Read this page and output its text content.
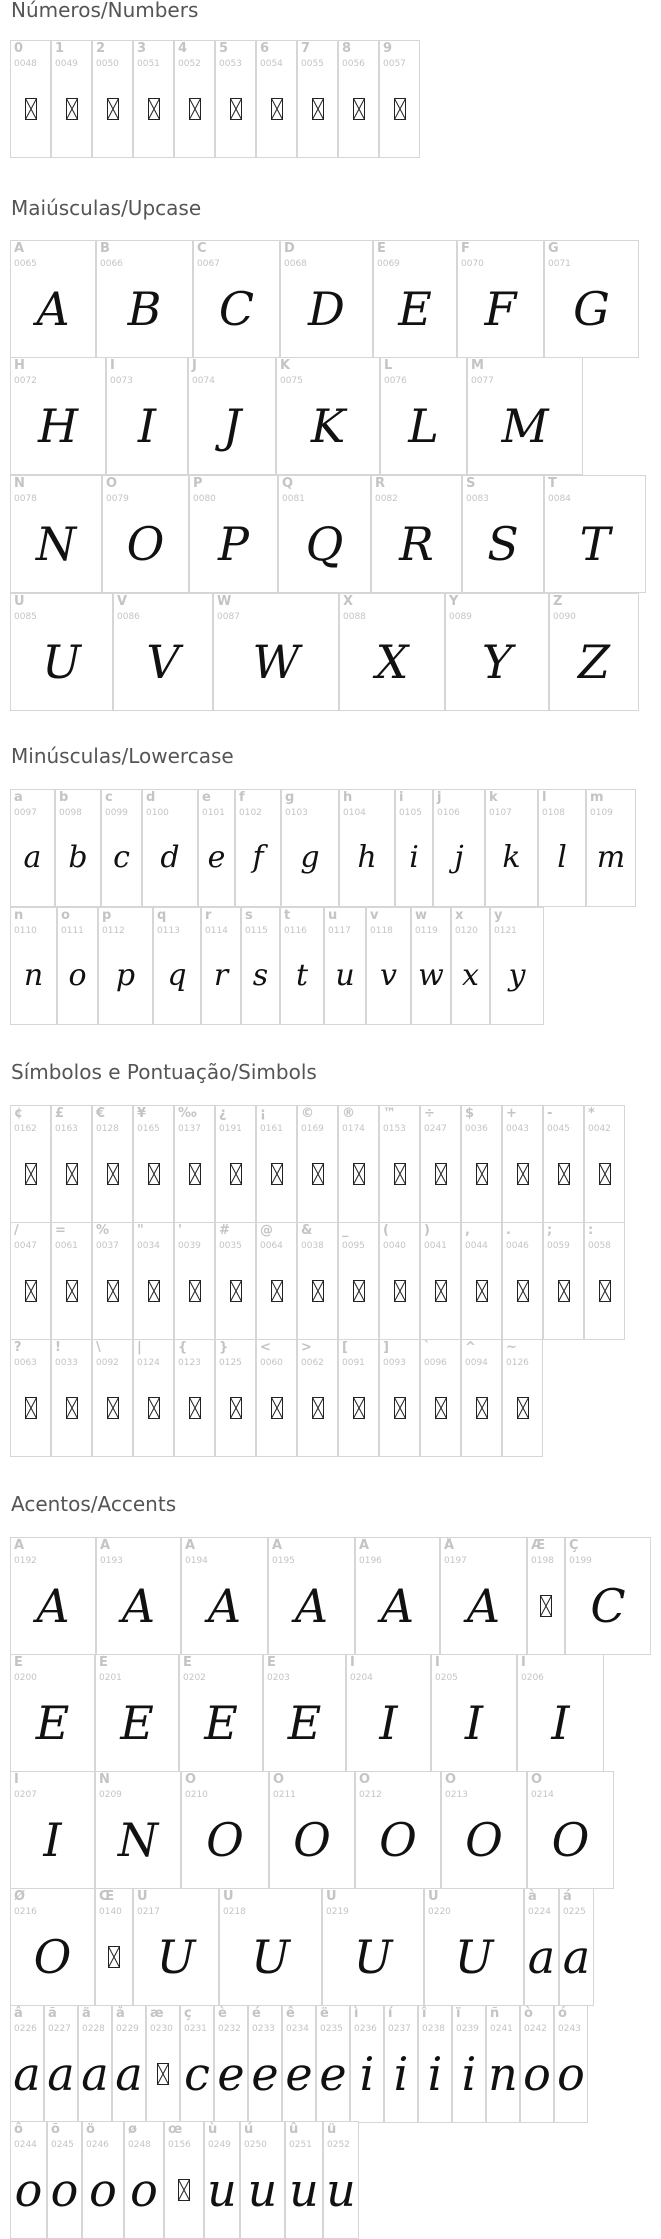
Números/Numbers
Maiúsculas/Upcase
Minúsculas/Lowercase
Símbolos e Pontuação/Simbols
Acentos/Accents
0
0048
1
0049
2
0050
3
0051
4
0052
5
0053
6
0054
7
0055
8
0056
9
0057
A
0065
A
B
0066
B
C
0067
C
D
0068
D
E
0069
E
F
0070
F
G
0071
G
H
0072
H
I
0073
I
J
0074
J
K
0075
K
L
0076
L
M
0077
M
N
0078
N
O
0079
O
P
0080
P
Q
0081
Q
R
0082
R
S
0083
S
T
0084
T
U
0085
U
V
0086
V
W
0087
W
X
0088
X
Y
0089
Y
Z
0090
Z
a
0097
a
b
0098
b
c
0099
c
d
0100
d
e
0101
e
f
0102
f
g
0103
g
h
0104
h
i
0105
i
j
0106
j
k
0107
k
l
0108
l
m
0109
m
n
0110
n
o
0111
o
p
0112
p
q
0113
q
r
0114
r
s
0115
s
t
0116
t
u
0117
u
v
0118
v
w
0119
w
x
0120
x
y
0121
y
¢
0162
£
0163
€
0128
¥
0165
‰
0137
¿
0191
¡
0161
©
0169
®
0174
™
0153
÷
0247
$
0036
+
0043
-
0045
*
0042
/
0047
=
0061
%
0037
"
0034
'
0039
#
0035
@
0064
&
0038
_
0095
(
0040
)
0041
,
0044
.
0046
;
0059
:
0058
?
0063
!
0033
\
0092
|
0124
{
0123
}
0125
<
0060
>
0062
[
0091
]
0093
`
0096
^
0094
~
0126
À
0192
A
Á
0193
A
Â
0194
A
Ã
0195
A
Ä
0196
A
Å
0197
A
Æ
0198
Ç
0199
C
È
0200
E
É
0201
E
Ê
0202
E
Ë
0203
E
Ì
0204
I
Í
0205
I
Î
0206
I
Ï
0207
I
Ñ
0209
N
Ò
0210
O
Ó
0211
O
Ô
0212
O
Õ
0213
O
Ö
0214
O
Ø
0216
O
Œ
0140
Ù
0217
U
Ú
0218
U
Û
0219
U
Ü
0220
U
à
0224
a
á
0225
a
â
0226
a
ã
0227
a
ä
0228
a
å
0229
a
æ
0230
ç
0231
c
è
0232
e
é
0233
e
ê
0234
e
ë
0235
e
ì
0236
i
í
0237
i
î
0238
i
ï
0239
i
ñ
0241
n
ò
0242
o
ó
0243
o
ô
0244
o
õ
0245
o
ö
0246
o
ø
0248
o
œ
0156
ù
0249
u
ú
0250
u
û
0251
u
ü
0252
u
